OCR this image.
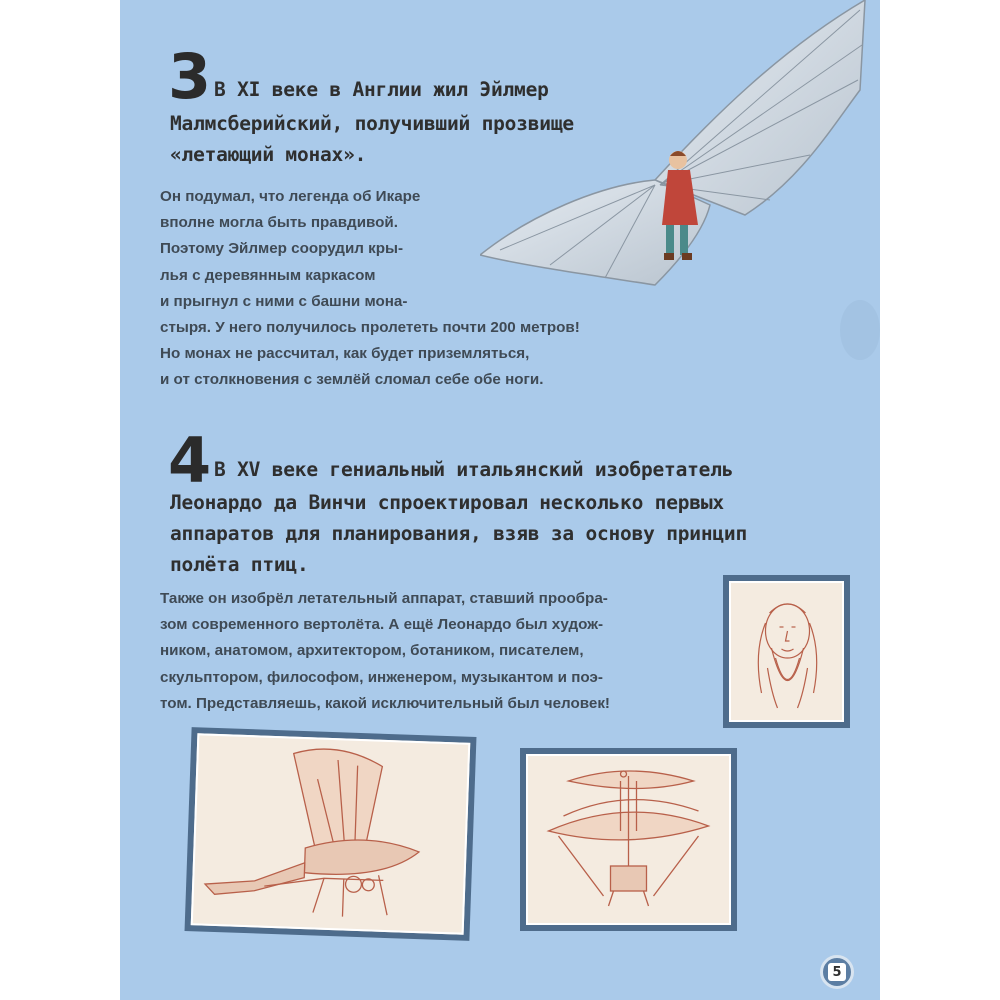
3 В XI веке в Англии жил Эйлмер
Малмсберийский, получивший прозвище
«летающий монах».
Он подумал, что легенда об Икаре
вполне могла быть правдивой.
Поэтому Эйлмер соорудил кры-
лья с деревянным каркасом
и прыгнул с ними с башни мона-
стыря. У него получилось пролететь почти 200 метров!
Но монах не рассчитал, как будет приземляться,
и от столкновения с землёй сломал себе обе ноги.
4 В XV веке гениальный итальянский изобретатель
Леонардо да Винчи спроектировал несколько первых
аппаратов для планирования, взяв за основу принцип
полёта птиц.
Также он изобрёл летательный аппарат, ставший прообра-
зом современного вертолёта. А ещё Леонардо был худож-
ником, анатомом, архитектором, ботаником, писателем,
скульптором, философом, инженером, музыкантом и поэ-
том. Представляешь, какой исключительный был человек!
5
